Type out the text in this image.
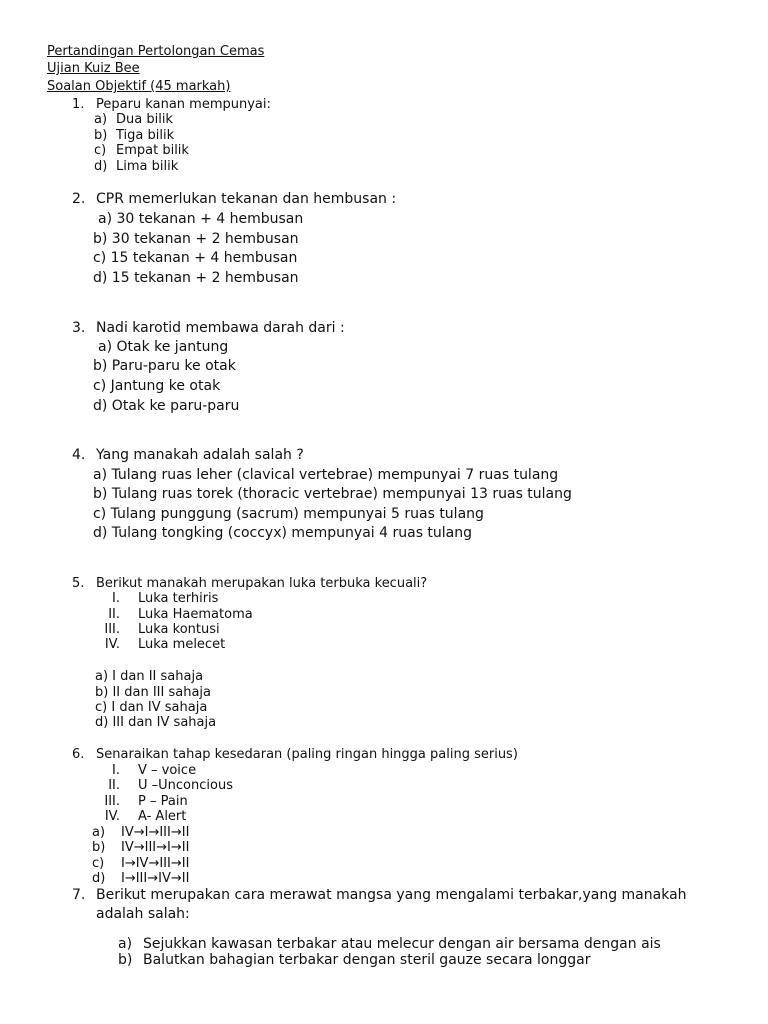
Pertandingan Pertolongan Cemas
Ujian Kuiz Bee
Soalan Objektif (45 markah)
1. Peparu kanan mempunyai:
a) Dua bilik
b) Tiga bilik
c) Empat bilik
d) Lima bilik
2. CPR memerlukan tekanan dan hembusan :
a) 30 tekanan + 4 hembusan
b) 30 tekanan + 2 hembusan
c) 15 tekanan + 4 hembusan
d) 15 tekanan + 2 hembusan
3. Nadi karotid membawa darah dari :
a) Otak ke jantung
b) Paru-paru ke otak
c) Jantung ke otak
d) Otak ke paru-paru
4. Yang manakah adalah salah ?
a) Tulang ruas leher (clavical vertebrae) mempunyai 7 ruas tulang
b) Tulang ruas torek (thoracic vertebrae) mempunyai 13 ruas tulang
c) Tulang punggung (sacrum) mempunyai 5 ruas tulang
d) Tulang tongking (coccyx) mempunyai 4 ruas tulang
5. Berikut manakah merupakan luka terbuka kecuali?
I. Luka terhiris
II. Luka Haematoma
III. Luka kontusi
IV. Luka melecet
a) I dan II sahaja
b) II dan III sahaja
c) I dan IV sahaja
d) III dan IV sahaja
6. Senaraikan tahap kesedaran (paling ringan hingga paling serius)
I. V – voice
II. U –Unconcious
III. P – Pain
IV. A- Alert
a) IV→I→III→II
b) IV→III→I→II
c) I→IV→III→II
d) I→III→IV→II
7. Berikut merupakan cara merawat mangsa yang mengalami terbakar,yang manakah
adalah salah:
a) Sejukkan kawasan terbakar atau melecur dengan air bersama dengan ais
b) Balutkan bahagian terbakar dengan steril gauze secara longgar
